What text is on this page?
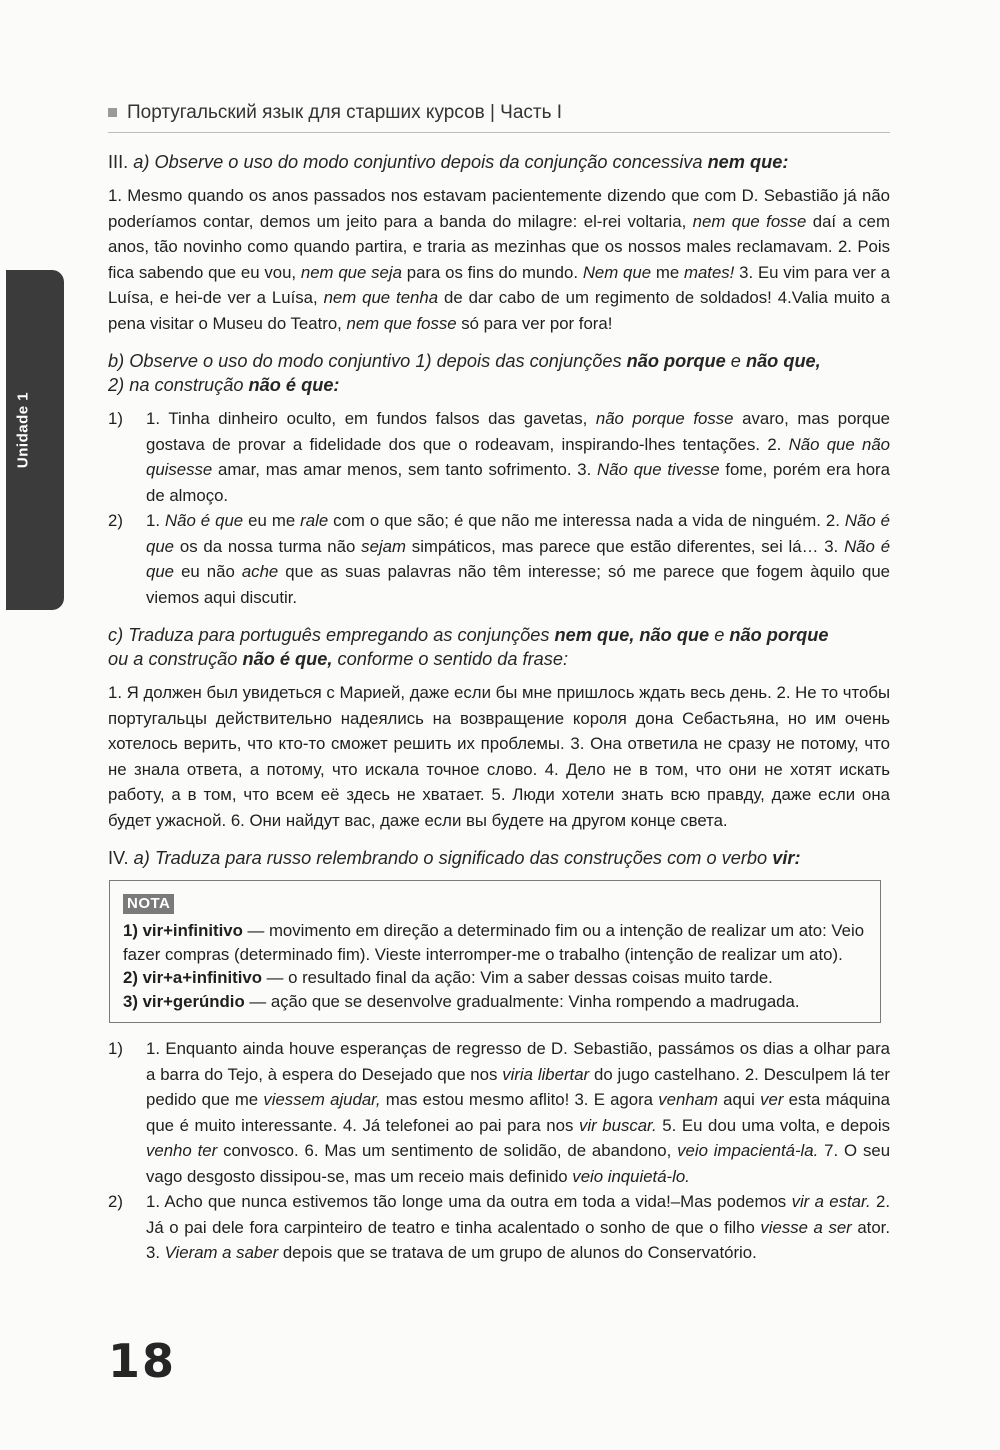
Португальский язык для старших курсов | Часть I
Unidade 1
III. a) Observe o uso do modo conjuntivo depois da conjunção concessiva nem que:

1. Mesmo quando os anos passados nos estavam pacientemente dizendo que com D. Sebastião já não poderíamos contar, demos um jeito para a banda do milagre: el-rei voltaria, nem que fosse daí a cem anos, tão novinho como quando partira, e traria as mezinhas que os nossos males reclamavam. 2. Pois fica sabendo que eu vou, nem que seja para os fins do mundo. Nem que me mates! 3. Eu vim para ver a Luísa, e hei-de ver a Luísa, nem que tenha de dar cabo de um regimento de soldados! 4.Valia muito a pena visitar o Museu do Teatro, nem que fosse só para ver por fora!

b) Observe o uso do modo conjuntivo 1) depois das conjunções não porque e não que,
2) na construção não é que:
1)	1. Tinha dinheiro oculto, em fundos falsos das gavetas, não porque fosse avaro, mas porque gostava de provar a fidelidade dos que o rodeavam, inspirando-lhes tentações. 2. Não que não quisesse amar, mas amar menos, sem tanto sofrimento. 3. Não que tivesse fome, porém era hora de almoço.
2)	1. Não é que eu me rale com o que são; é que não me interessa nada a vida de ninguém. 2. Não é que os da nossa turma não sejam simpáticos, mas parece que estão diferentes, sei lá… 3. Não é que eu não ache que as suas palavras não têm interesse; só me parece que fogem àquilo que viemos aqui discutir.
c) Traduza para português empregando as conjunções nem que, não que e não porque
ou a construção não é que, conforme o sentido da frase:

1. Я должен был увидеться с Марией, даже если бы мне пришлось ждать весь день. 2. Не то чтобы португальцы действительно надеялись на возвращение короля дона Себастьяна, но им очень хотелось верить, что кто-то сможет решить их проблемы. 3. Она ответила не сразу не потому, что не знала ответа, а потому, что искала точное слово. 4. Дело не в том, что они не хотят искать работу, а в том, что всем её здесь не хватает. 5. Люди хотели знать всю правду, даже если она будет ужасной. 6. Они найдут вас, даже если вы будете на другом конце света.

IV. a) Traduza para russo relembrando o significado das construções com o verbo vir:
NOTA

1) vir+infinitivo — movimento em direção a determinado fim ou a intenção de realizar um ato: Veio fazer compras (determinado fim). Vieste interromper-me o trabalho (intenção de realizar um ato).

2) vir+a+infinitivo — o resultado final da ação: Vim a saber dessas coisas muito tarde.

3) vir+gerúndio — ação que se desenvolve gradualmente: Vinha rompendo a madrugada.

1)	1. Enquanto ainda houve esperanças de regresso de D. Sebastião, passámos os dias a olhar para a barra do Tejo, à espera do Desejado que nos viria libertar do jugo castelhano. 2. Desculpem lá ter pedido que me viessem ajudar, mas estou mesmo aflito! 3. E agora venham aqui ver esta máquina que é muito interessante. 4. Já telefonei ao pai para nos vir buscar. 5. Eu dou uma volta, e depois venho ter convosco. 6. Mas um sentimento de solidão, de abandono, veio impacientá-la. 7. O seu vago desgosto dissipou-se, mas um receio mais definido veio inquietá-lo.
2)	1. Acho que nunca estivemos tão longe uma da outra em toda a vida!–Mas podemos vir a estar. 2. Já o pai dele fora carpinteiro de teatro e tinha acalentado o sonho de que o filho viesse a ser ator. 3. Vieram a saber depois que se tratava de um grupo de alunos do Conservatório.
18
